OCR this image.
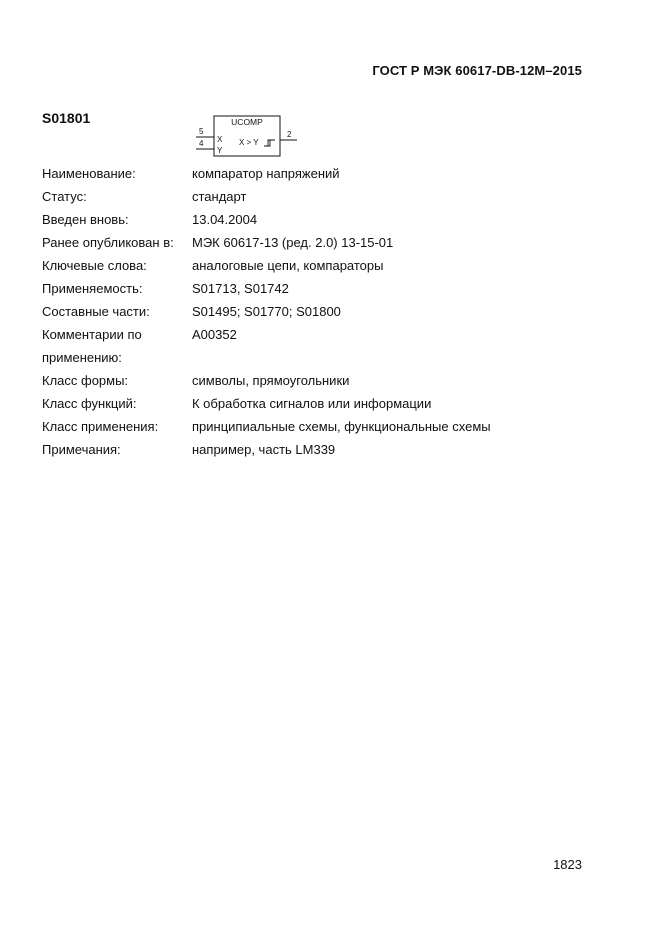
ГОСТ Р МЭК 60617-DB-12M–2015
S01801	UCOMP
5
4 X
Y
X > Y
2
Наименование:	компаратор напряжений
Статус:	стандарт
Введен вновь:	13.04.2004
Ранее опубликован в:	МЭК 60617-13 (ред. 2.0) 13-15-01
Ключевые слова:	аналоговые цепи, компараторы
Применяемость:	S01713, S01742
Составные части:	S01495; S01770; S01800

Комментарии по
применению:	A00352
Класс формы:	символы, прямоугольники
Класс функций:	К обработка сигналов или информации
Класс применения:	принципиальные схемы, функциональные схемы
Примечания:	например, часть LM339
1823
